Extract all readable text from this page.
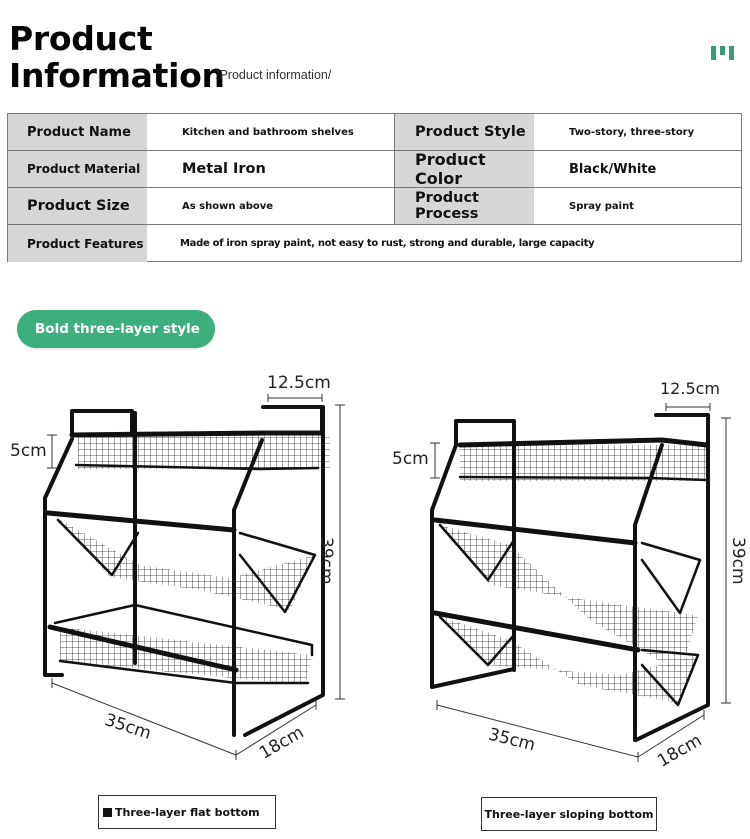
Product
Information
/Product information/
Product Name	Kitchen and bathroom shelves	Product Style	Two-story, three-story
Product Material	Metal Iron	Product Color	Black/White
Product Size	As shown above	Product Process	Spray paint
Product Features	Made of iron spray paint, not easy to rust, strong and durable, large capacity
Bold three-layer style
12.5cm
5cm
39cm
35cm	18cm
12.5cm
5cm
39cm
35cm	18cm
Three-layer flat bottom	Three-layer sloping bottom
